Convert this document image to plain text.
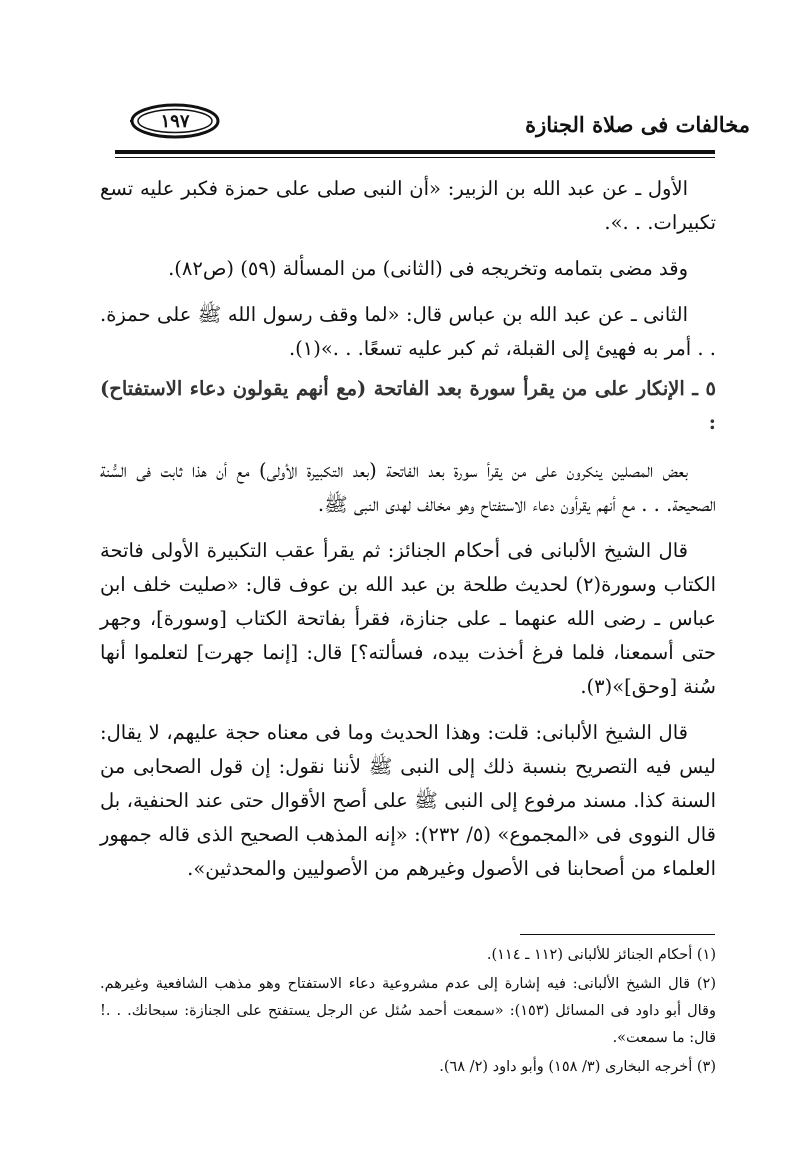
مخالفات فى صلاة الجنازة
١٩٧

الأول ـ عن عبد الله بن الزبير: «أن النبى صلى على حمزة فكبر عليه تسع تكبيرات. . .».

وقد مضى بتمامه وتخريجه فى (الثانى) من المسألة (٥٩) (ص٨٢).

الثانى ـ عن عبد الله بن عباس قال: «لما وقف رسول الله ﷺ على حمزة. . . أمر به فهيئ إلى القبلة، ثم كبر عليه تسعًا. . .»(١).

٥ ـ الإنكار على من يقرأ سورة بعد الفاتحة (مع أنهم يقولون دعاء الاستفتاح) :

بعض المصلين ينكرون على من يقرأ سورة بعد الفاتحة (بعد التكبيرة الأولى) مع أن هذا ثابت فى السُّنة الصحيحة. . . مع أنهم يقرأون دعاء الاستفتاح وهو مخالف لهدى النبى ﷺ.

قال الشيخ الألبانى فى أحكام الجنائز: ثم يقرأ عقب التكبيرة الأولى فاتحة الكتاب وسورة(٢) لحديث طلحة بن عبد الله بن عوف قال: «صليت خلف ابن عباس ـ رضى الله عنهما ـ على جنازة، فقرأ بفاتحة الكتاب [وسورة]، وجهر حتى أسمعنا، فلما فرغ أخذت بيده، فسألته؟] قال: [إنما جهرت] لتعلموا أنها سُنة [وحق]»(٣).

قال الشيخ الألبانى: قلت: وهذا الحديث وما فى معناه حجة عليهم، لا يقال: ليس فيه التصريح بنسبة ذلك إلى النبى ﷺ لأننا نقول: إن قول الصحابى من السنة كذا. مسند مرفوع إلى النبى ﷺ على أصح الأقوال حتى عند الحنفية، بل قال النووى فى «المجموع» (٥/ ٢٣٢): «إنه المذهب الصحيح الذى قاله جمهور العلماء من أصحابنا فى الأصول وغيرهم من الأصوليين والمحدثين».

(١) أحكام الجنائز للألبانى (١١٢ ـ ١١٤).

(٢) قال الشيخ الألبانى: فيه إشارة إلى عدم مشروعية دعاء الاستفتاح وهو مذهب الشافعية وغيرهم. وقال أبو داود فى المسائل (١٥٣): «سمعت أحمد سُئل عن الرجل يستفتح على الجنازة: سبحانك. . .! قال: ما سمعت».

(٣) أخرجه البخارى (٣/ ١٥٨) وأبو داود (٢/ ٦٨).
